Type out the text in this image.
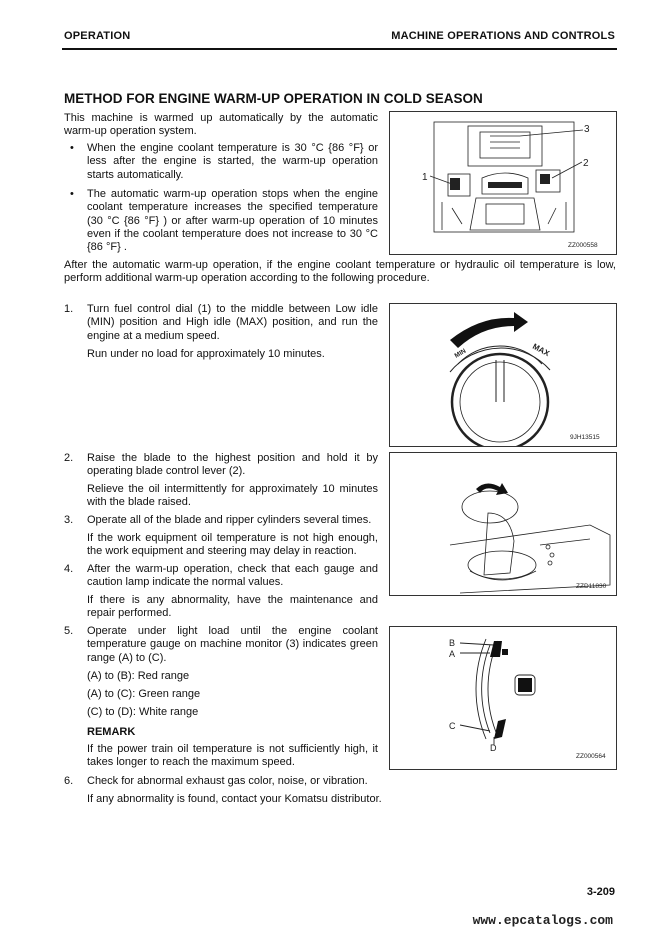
OPERATION	MACHINE OPERATIONS AND CONTROLS
METHOD FOR ENGINE WARM-UP OPERATION IN COLD SEASON
This machine is warmed up automatically by the automatic warm-up operation system.
• When the engine coolant temperature is 30 °C {86 °F} or less after the engine is started, the warm-up operation starts automatically.
• The automatic warm-up operation stops when the engine coolant temperature increases the specified temperature (30 °C {86 °F} ) or after warm-up operation of 10 minutes even if the coolant temperature does not increase to 30 °C {86 °F} .
After the automatic warm-up operation, if the engine coolant temperature or hydraulic oil temperature is low, perform additional warm-up operation according to the following procedure.
1. Turn fuel control dial (1) to the middle between Low idle (MIN) position and High idle (MAX) position, and run the engine at a medium speed.
Run under no load for approximately 10 minutes.
2. Raise the blade to the highest position and hold it by operating blade control lever (2).
Relieve the oil intermittently for approximately 10 minutes with the blade raised.
3. Operate all of the blade and ripper cylinders several times.
If the work equipment oil temperature is not high enough, the work equipment and steering may delay in reaction.
4. After the warm-up operation, check that each gauge and caution lamp indicate the normal values.
If there is any abnormality, have the maintenance and repair performed.
5. Operate under light load until the engine coolant temperature gauge on machine monitor (3) indicates green range (A) to (C).
(A) to (B): Red range
(A) to (C): Green range
(C) to (D): White range
REMARK
If the power train oil temperature is not sufficiently high, it takes longer to reach the maximum speed.
6. Check for abnormal exhaust gas color, noise, or vibration.
If any abnormality is found, contact your Komatsu distributor.
3
2
1
ZZ000558
MIN	MAX
9JH13515
ZZD11830
B
A
C
D
ZZ000564
3-209
www.epcatalogs.com
